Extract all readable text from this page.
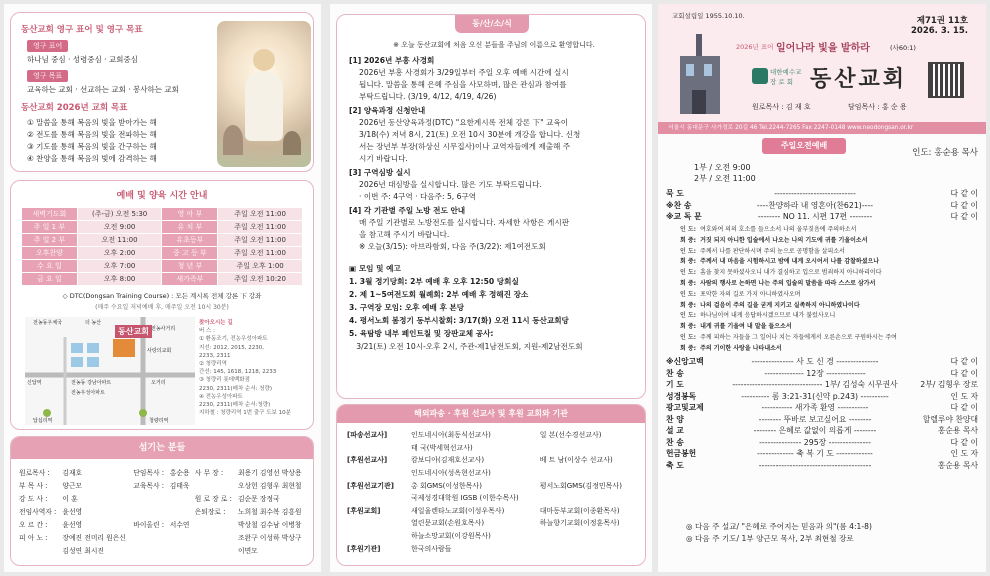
동산교회 영구 표어 및 영구 목표
영구 표어
하나님 중심 · 성령중심 · 교회중심
영구 목표
교육하는 교회 · 선교하는 교회 · 봉사하는 교회
동산교회 2026년 교회 목표
① 말씀을 통해 복음의 빛을 받아가는 해
② 전도를 통해 복음의 빛을 전파하는 해
③ 기도를 통해 복음의 빛을 간구하는 해
④ 찬양을 통해 복음의 빛에 감격하는 해
예배 및 양육 시간 안내
새벽기도회	(주-금) 오전 5:30	영 아 부	주일 오전 11:00
주 일 1 부	오전 9:00	유 치 부	주일 오전 11:00
주 일 2 부	오전 11:00	유초등부	주일 오전 11:00
오후찬양	오후 2:00	중 고 등 부	주일 오전 11:00
수 요 일	오후 7:00	청 년 부	주일 오후 1:00
금 요 일	오후 8:00	새가족부	주일 오전 10:20
◇ DTC(Dongsan Training Course) : 모든 계시록 전체 강론 下 강좌
(매주 수요일 저녁예배 후, 매주일 오전 10시 30분)
동산교회
전농동우체국	더 농산
전농동 강남아파트
사랑의교회
전농우성아파트
답십리역	청량리역
오거리
신답역
전농사거리
찾아오시는 길
버 스 :
① 환동조기, 전농우성아파트
지선: 2012, 2015, 2230,
2233, 2311
② 청량리역
간선: 145, 1618, 1218, 2233
③ 청량리 롯데백화점
2230, 2311(배차 순서: 청량)
④ 전농우성아파트
2230, 2311(배차 순서:청량)
지하철 : 청량리역 1번 출구 도보 10분
섬기는 분들
원로목사 :	김재호	단임목사 :	홍순용	사 무 장 :	최용기 김영선 박상용
부 목 사 :	양근모	교육목사 :	김태욱		오상헌 김형우 최현철
강 도 사 :	이 훈			원 로 장 로 :	김순문 장정국
전임사역자 :	윤선영			은퇴장로 :	노희철 최수복 김흥원
오 르 간 :	윤선영	바이올린 :	서수연		박상철 김수남 이병창
피 아 노 :	장예진 전미리 원은신				조완구 이성하 박상구
	김성연 최시진				이면모
동/산/소/식
※ 오늘 동산교회에 처음 오신 분들을 주님의 이름으로 환영합니다.
[1] 2026년 부흥 사경회
2026년 부흥 사경회가 3/29일부터 주일 오후 예배 시간에 실시
됩니다. 말씀을 통해 은혜 주심을 사모하며, 많은 관심과 참여를
부탁드립니다. (3/19, 4/12, 4/19, 4/26)
[2] 양육과정 신청안내
2026년 동산양육과정(DTC) "요한계시록 전체 강론 下" 교육이
3/18(수) 저녁 8시, 21(토) 오전 10시 30분에 개강을 합니다. 신청
서는 장년부 부장(하상신 시무집사)이나 교역자들에게 제출해 주
시기 바랍니다.
[3] 구역심방 실시
2026년 대심방을 실시합니다. 많은 기도 부탁드립니다.
· 이번 주: 4구역 · 다음주: 5, 6구역
[4] 각 기관별 주일 노방 전도 안내
매 주일 기관별로 노방전도를 실시합니다. 자세한 사항은 게시판
을 참고해 주시기 바랍니다.
※ 오늘(3/15): 아브라함회, 다음 주(3/22): 제1여전도회
▣ 모임 및 예고
1. 3월 정기당회: 2부 예배 후 오후 12:50 당회실
2. 제 1~5여전도회 월례회: 2부 예배 후 정해진 장소
3. 구역장 모임: 오후 예배 후 본당
4. 평서노회 봄정기 동부시찰회: 3/17(화) 오전 11시 동산교회당
5. 육탐방 내부 페인트칠 및 장판교체 공사:
3/21(토) 오전 10시-오후 2시, 주관-제1남전도회, 지원-제2남전도회
해외파송 · 후원 선교사 및 후원 교회와 기관
[파송선교사]	인도네시아(최동식선교사)	일 본(선수경선교사)
	태 국(박세혁선교사)	
[후원선교사]	캄보디아(김재호선교사)	베 트 남(이상수 선교사)
	인도네시아(성옥현선교사)	
[후원선교기관]	총 회GMS(이성한목사)	평서노회GMS(김정민목사)
	국제성경대학원 IGSB (이한수목사)	
[후원교회]	새일울렌타노교회(이성우목사)	대마동부교회(이종환목사)
	열린문교회(손원호목사)	하늘향기교회(이정훈목사)
	하늘소망교회(이강원목사)	
[후원기관]	한국의사람들	
교회설립일 1955.10.10.	제71권 11호
2026. 3. 15.
2026년 표어 일어나라 빛을 발하라	(사60:1)
대한예수교
장 로 회 동산교회
원로목사 : 김 재 호	담임목사 : 홍 순 용
서울시 동대문구 사가정로 20길 46 Tel.2244-7265 Fax 2247-0148 www.neodongsan.or.kr
주일오전예배
인도: 홍순용 목사
1부 / 오전 9:00
2부 / 오전 11:00
묵 도	-----------------------------	다 같 이
※찬 송	----찬양하라 내 영혼아(찬621)----	다 같 이
※교 독 문	-------- NO 11. 시편 17편 --------	다 같 이
인 도: 여호와여 의의 호소를 들으소서 나의 울부짖음에 주의하소서
회 중: 거짓 되지 아니한 입술에서 나오는 나의 기도에 귀를 기울이소서
인 도: 주께서 나를 판단하시며 주의 눈으로 공명함을 살피소서
회 중: 주께서 내 마음을 시험하시고 밤에 내게 오시어서 나를 감찰하셨으나
인 도: 흠을 찾지 못하셨사오니 내가 결심하고 입으로 범죄하지 아니하리이다
회 중: 사람의 행사로 논하면 나는 주의 입술의 말씀을 따라 스스로 삼가서
인 도: 포악한 자의 길로 가지 아니하였사오며
회 중: 나의 걸음이 주의 길을 굳게 지키고 실족하지 아니하였나이다
인 도: 하나님이여 내게 응답하시겠으므로 내가 불렀사오니
회 중: 내게 귀를 기울여 내 말을 들으소서
인 도: 주께 피하는 자들을 그 일어나 치는 자들에게서 오른손으로 구원하시는 주여
회 중: 주의 기이한 사랑을 나타내소서
※신앙고백	--------------- 사 도 신 경 ---------------	다 같 이
찬 송	-------------- 12장 --------------	다 같 이
기 도	-------------------------------- 1부/ 김성숙 시무권사	2부/ 김형우 장로
성경봉독	---------- 롬 3:21-31(신약 p.243) ----------	인 도 자
광고및교제	----------- 새가족 환영 -----------	다 같 이
찬 양	-------- 뚜바로 보고싶어요 --------	할렐루야 찬양대
설 교	-------- 은혜로 값없이 의롭게 --------	홍순용 목사
찬 송	--------------- 295장 ---------------	다 같 이
헌금봉헌	------------- 축 복 기 도 -------------	인 도 자
축 도	----------------------------------------	홍순용 목사
◎ 다음 주 설교/ "은혜로 주어지는 믿음과 의"(롬 4:1-8)
◎ 다음 주 기도/ 1부 양근모 목사, 2부 최현철 장로
